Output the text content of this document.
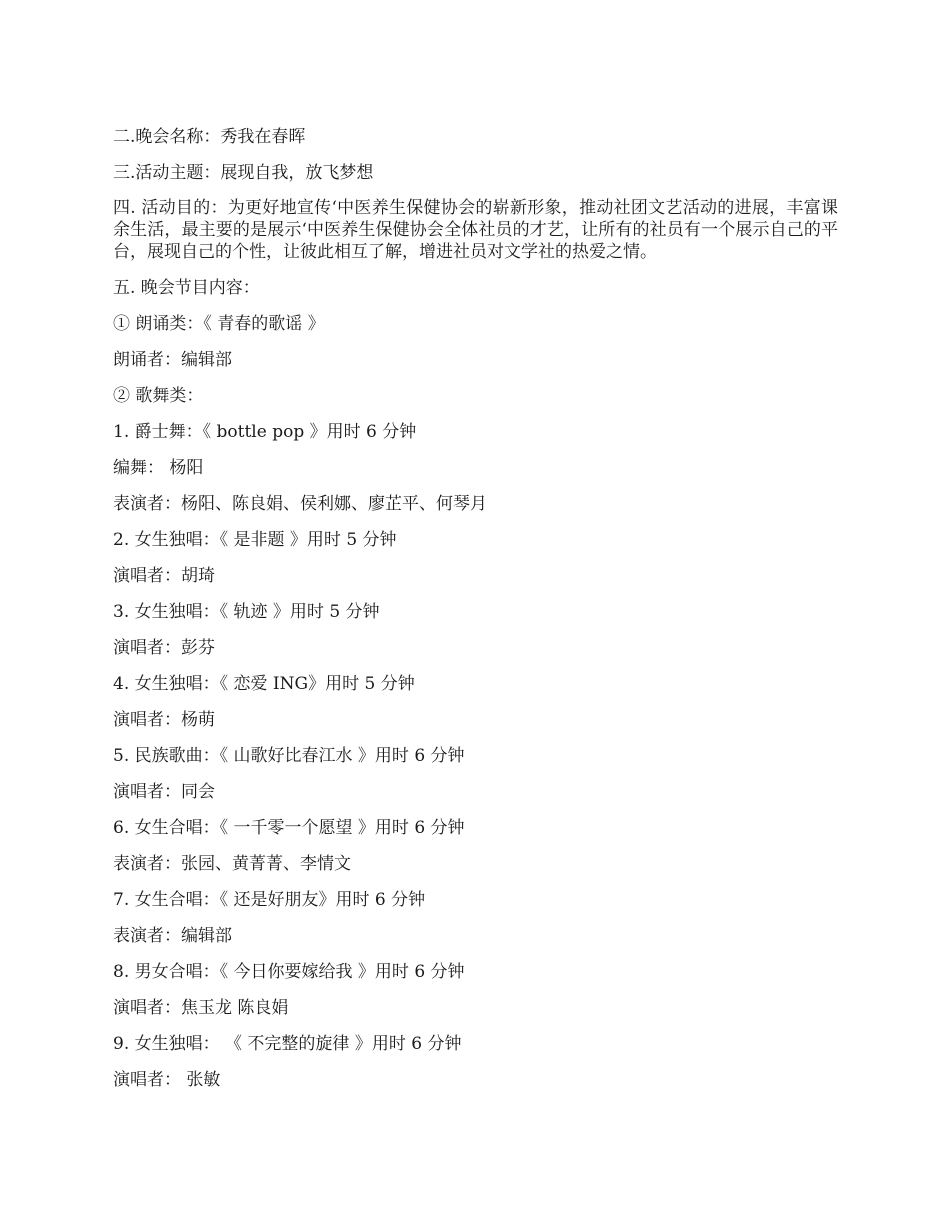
二.晚会名称：秀我在春晖
三.活动主题：展现自我，放飞梦想
四. 活动目的：为更好地宣传‘中医养生保健协会的崭新形象，推动社团文艺活动的进展，丰富课余生活，最主要的是展示‘中医养生保健协会全体社员的才艺，让所有的社员有一个展示自己的平台，展现自己的个性，让彼此相互了解，增进社员对文学社的热爱之情。
五. 晚会节目内容：
① 朗诵类：《 青春的歌谣 》
朗诵者：编辑部
② 歌舞类：
1. 爵士舞：《 bottle pop 》用时 6 分钟
编舞： 杨阳
表演者：杨阳、陈良娟、侯利娜、廖芷平、何琴月
2. 女生独唱：《 是非题 》用时 5 分钟
演唱者：胡琦
3. 女生独唱：《 轨迹 》用时 5 分钟
演唱者：彭芬
4. 女生独唱：《 恋爱 ING》用时 5 分钟
演唱者：杨萌
5. 民族歌曲：《 山歌好比春江水 》用时 6 分钟
演唱者：同会
6. 女生合唱：《 一千零一个愿望 》用时 6 分钟
表演者：张园、黄菁菁、李情文
7. 女生合唱：《 还是好朋友》用时 6 分钟
表演者：编辑部
8. 男女合唱：《 今日你要嫁给我 》用时 6 分钟
演唱者：焦玉龙 陈良娟
9. 女生独唱： 《 不完整的旋律 》用时 6 分钟
演唱者： 张敏
